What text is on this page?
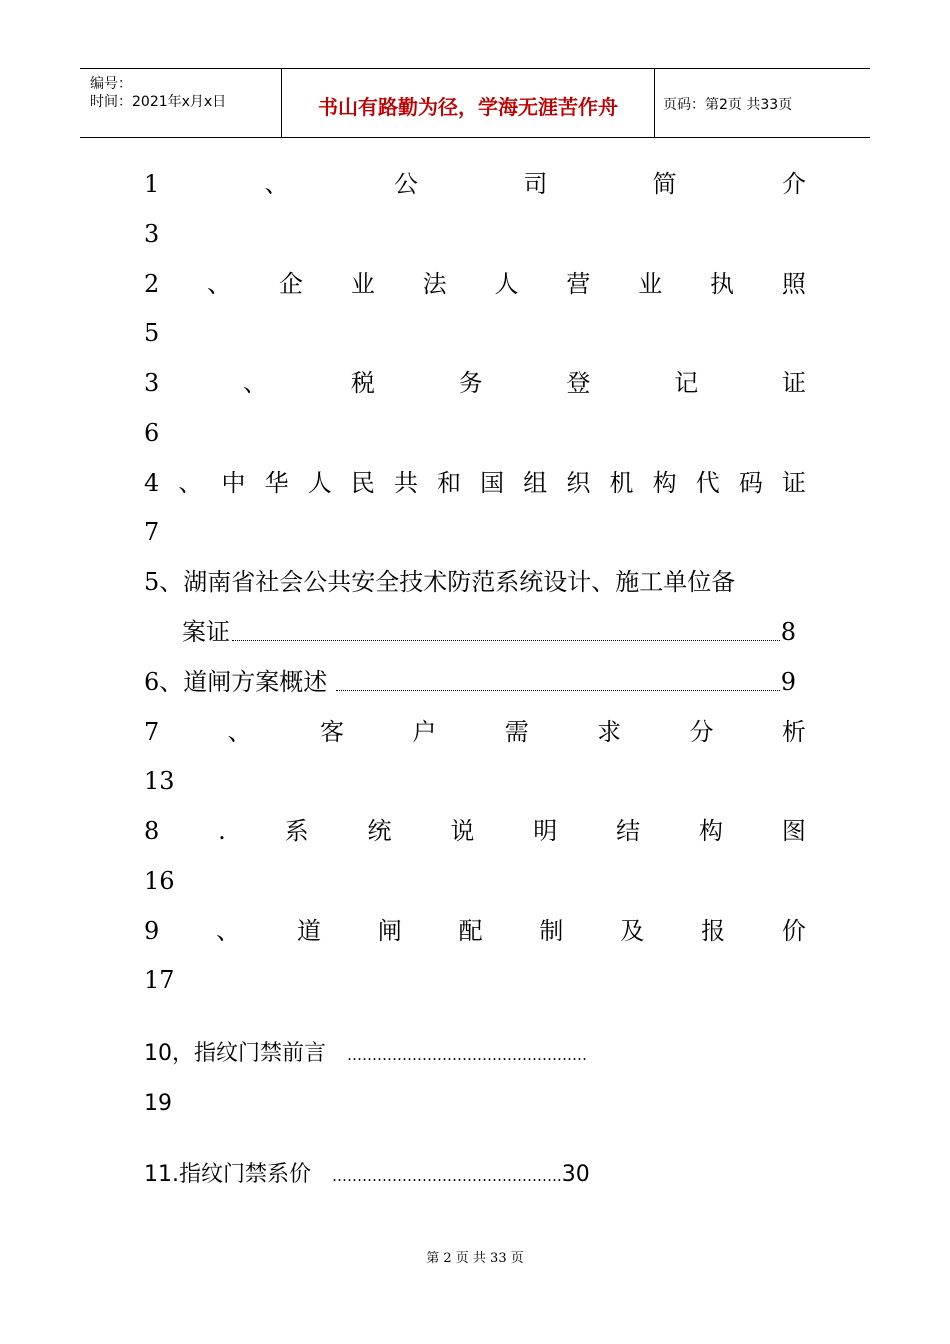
编号：
时间：2021年x月x日	书山有路勤为径，学海无涯苦作舟	页码：第2页 共33页
1	、	公	司	简	介
3
2 、 企 业 法 人 营 业 执 照
5
3	、	税	务	登	记	证
6
4 、 中 华 人 民 共 和 国 组 织 机 构 代 码 证
7
5、湖南省社会公共安全技术防范系统设计、施工单位备
案证	8
6、道闸方案概述	9
7	、	客	户	需	求	分	析
13
8 . 系 统 说 明 结 构 图
16
9 、 道 闸 配 制 及 报 价
17
10，指纹门禁前言 …………………………………………
19
11.指纹门禁系价 ……………………………………….30
第 2 页 共 33 页
